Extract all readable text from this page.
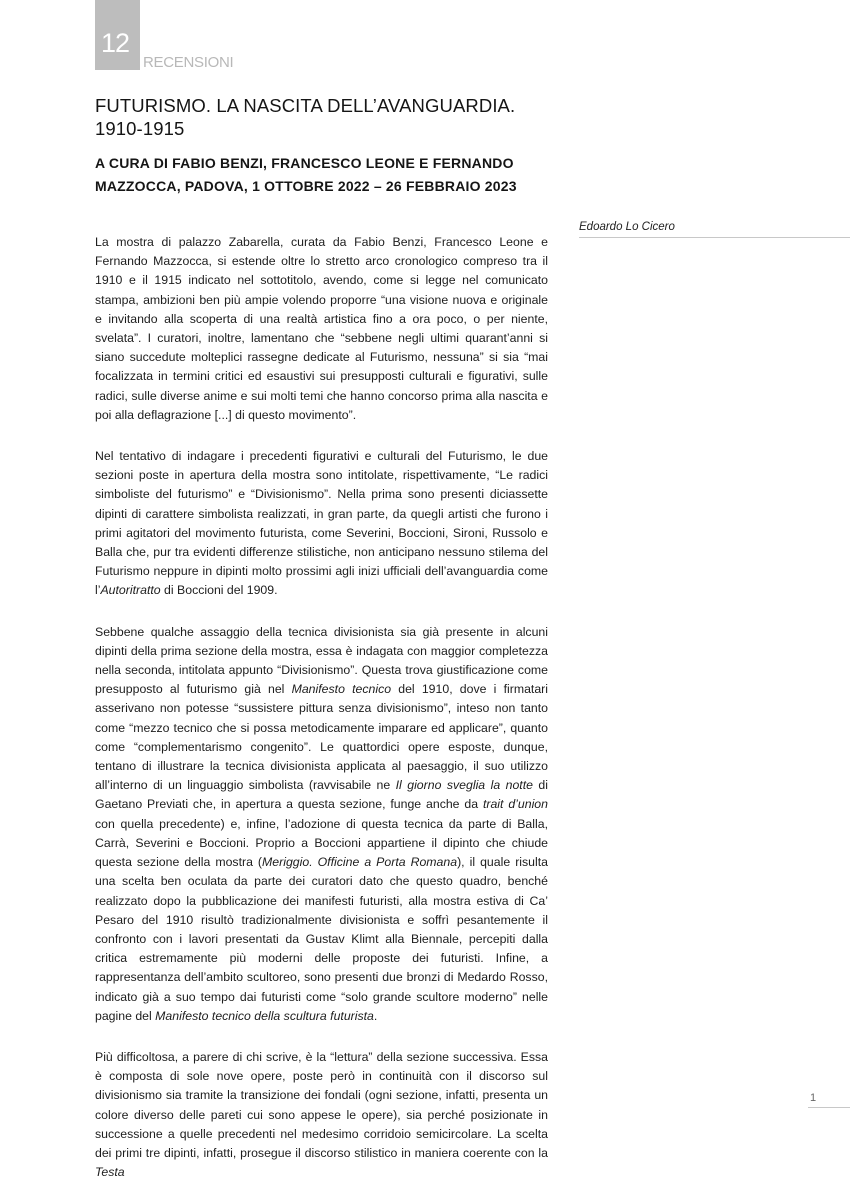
12
RECENSIONI
FUTURISMO. LA NASCITA DELL’AVANGUARDIA.
1910-1915
A CURA DI FABIO BENZI, FRANCESCO LEONE E FERNANDO MAZZOCCA, PADOVA, 1 OTTOBRE 2022 – 26 FEBBRAIO 2023
Edoardo Lo Cicero

La mostra di palazzo Zabarella, curata da Fabio Benzi, Francesco Leone e Fernando Mazzocca, si estende oltre lo stretto arco cronologico compreso tra il 1910 e il 1915 indicato nel sottotitolo, avendo, come si legge nel comunicato stampa, ambizioni ben più ampie volendo proporre “una visione nuova e originale e invitando alla scoperta di una realtà artistica fino a ora poco, o per niente, svelata”. I curatori, inoltre, lamentano che “sebbene negli ultimi quarant’anni si siano succedute molteplici rassegne dedicate al Futurismo, nessuna” si sia “mai focalizzata in termini critici ed esaustivi sui presupposti culturali e figurativi, sulle radici, sulle diverse anime e sui molti temi che hanno concorso prima alla nascita e poi alla deflagrazione [...] di questo movimento”.

Nel tentativo di indagare i precedenti figurativi e culturali del Futurismo, le due sezioni poste in apertura della mostra sono intitolate, rispettivamente, “Le radici simboliste del futurismo” e “Divisionismo”. Nella prima sono presenti diciassette dipinti di carattere simbolista realizzati, in gran parte, da quegli artisti che furono i primi agitatori del movimento futurista, come Severini, Boccioni, Sironi, Russolo e Balla che, pur tra evidenti differenze stilistiche, non anticipano nessuno stilema del Futurismo neppure in dipinti molto prossimi agli inizi ufficiali dell’avanguardia come l’Autoritratto di Boccioni del 1909.

Sebbene qualche assaggio della tecnica divisionista sia già presente in alcuni dipinti della prima sezione della mostra, essa è indagata con maggior completezza nella seconda, intitolata appunto “Divisionismo”. Questa trova giustificazione come presupposto al futurismo già nel Manifesto tecnico del 1910, dove i firmatari asserivano non potesse “sussistere pittura senza divisionismo”, inteso non tanto come “mezzo tecnico che si possa metodicamente imparare ed applicare”, quanto come “complementarismo congenito”. Le quattordici opere esposte, dunque, tentano di illustrare la tecnica divisionista applicata al paesaggio, il suo utilizzo all’interno di un linguaggio simbolista (ravvisabile ne Il giorno sveglia la notte di Gaetano Previati che, in apertura a questa sezione, funge anche da trait d’union con quella precedente) e, infine, l’adozione di questa tecnica da parte di Balla, Carrà, Severini e Boccioni. Proprio a Boccioni appartiene il dipinto che chiude questa sezione della mostra (Meriggio. Officine a Porta Romana), il quale risulta una scelta ben oculata da parte dei curatori dato che questo quadro, benché realizzato dopo la pubblicazione dei manifesti futuristi, alla mostra estiva di Ca’ Pesaro del 1910 risultò tradizionalmente divisionista e soffrì pesantemente il confronto con i lavori presentati da Gustav Klimt alla Biennale, percepiti dalla critica estremamente più moderni delle proposte dei futuristi. Infine, a rappresentanza dell’ambito scultoreo, sono presenti due bronzi di Medardo Rosso, indicato già a suo tempo dai futuristi come “solo grande scultore moderno” nelle pagine del Manifesto tecnico della scultura futurista.

Più difficoltosa, a parere di chi scrive, è la “lettura” della sezione successiva. Essa è composta di sole nove opere, poste però in continuità con il discorso sul divisionismo sia tramite la transizione dei fondali (ogni sezione, infatti, presenta un colore diverso delle pareti cui sono appese le opere), sia perché posizionate in successione a quelle precedenti nel medesimo corridoio semicircolare. La scelta dei primi tre dipinti, infatti, prosegue il discorso stilistico in maniera coerente con la Testa

1
